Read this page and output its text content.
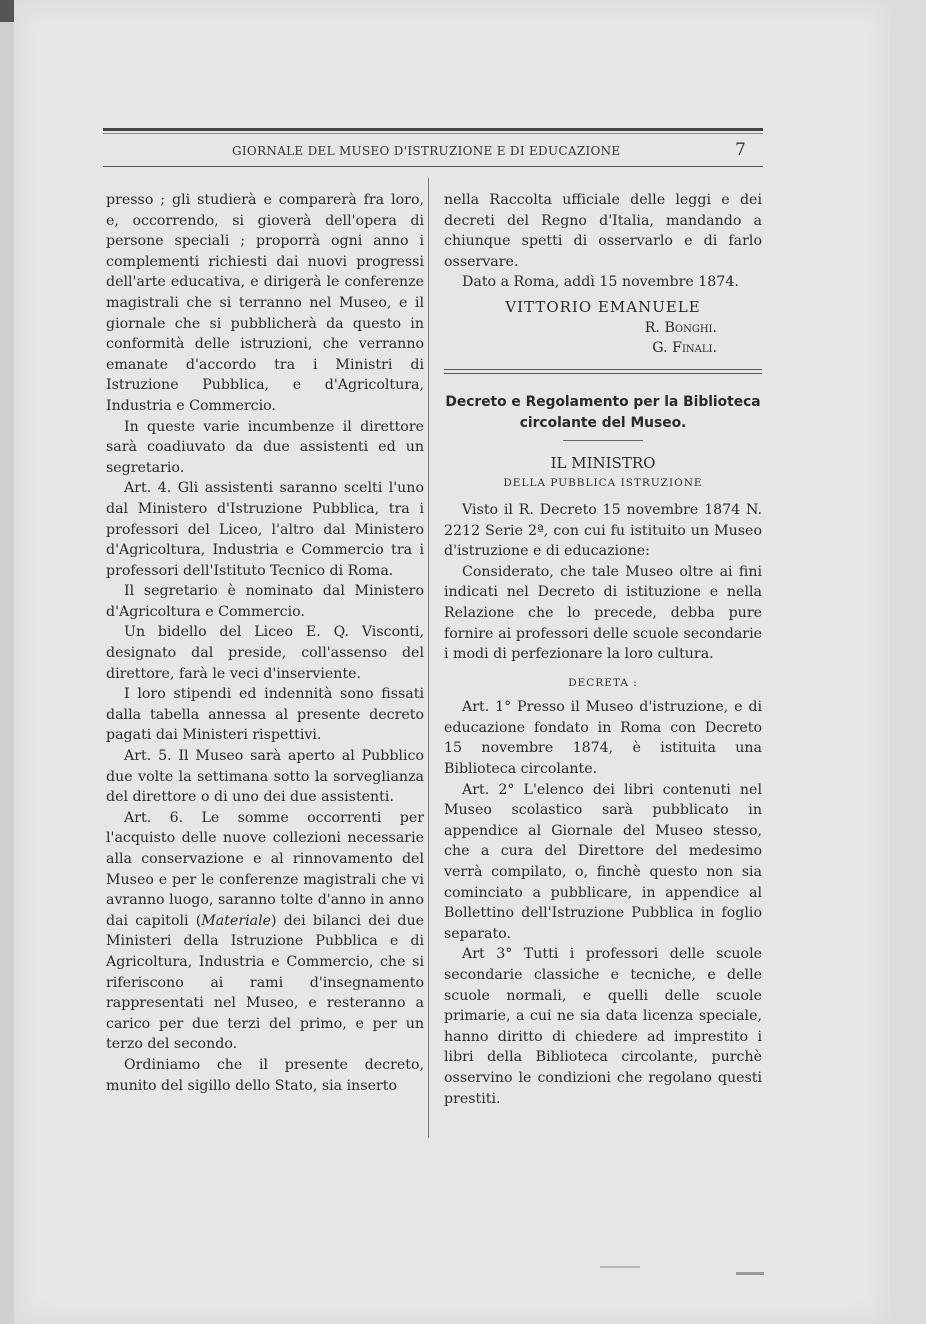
GIORNALE DEL MUSEO D'ISTRUZIONE E DI EDUCAZIONE	7

presso ; gli studierà e comparerà fra loro, e, occorrendo, si gioverà dell'opera di persone speciali ; proporrà ogni anno i complementi richiesti dai nuovi progressi dell'arte educativa, e dirigerà le conferenze magistrali che si terranno nel Museo, e il giornale che si pubblicherà da questo in conformità delle istruzioni, che verranno emanate d'accordo tra i Ministri di Istruzione Pubblica, e d'Agricoltura, Industria e Commercio.

In queste varie incumbenze il direttore sarà coadiuvato da due assistenti ed un segretario.

Art. 4. Gli assistenti saranno scelti l'uno dal Ministero d'Istruzione Pubblica, tra i professori del Liceo, l'altro dal Ministero d'Agricoltura, Industria e Commercio tra i professori dell'Istituto Tecnico di Roma.

Il segretario è nominato dal Ministero d'Agricoltura e Commercio.

Un bidello del Liceo E. Q. Visconti, designato dal preside, coll'assenso del direttore, farà le veci d'inserviente.

I loro stipendi ed indennità sono fissati dalla tabella annessa al presente decreto pagati dai Ministeri rispettivi.

Art. 5. Il Museo sarà aperto al Pubblico due volte la settimana sotto la sorveglianza del direttore o di uno dei due assistenti.

Art. 6. Le somme occorrenti per l'acquisto delle nuove collezioni necessarie alla conservazione e al rinnovamento del Museo e per le conferenze magistrali che vi avranno luogo, saranno tolte d'anno in anno dai capitoli (Materiale) dei bilanci dei due Ministeri della Istruzione Pubblica e di Agricoltura, Industria e Commercio, che si riferiscono ai rami d'insegnamento rappresentati nel Museo, e resteranno a carico per due terzi del primo, e per un terzo del secondo.

Ordiniamo che il presente decreto, munito del sigillo dello Stato, sia inserto

nella Raccolta ufficiale delle leggi e dei decreti del Regno d'Italia, mandando a chiunque spetti di osservarlo e di farlo osservare.

Dato a Roma, addì 15 novembre 1874.

VITTORIO EMANUELE

R. Bonghi.

G. Finali.

Decreto e Regolamento per la Biblioteca circolante del Museo.

IL MINISTRO

DELLA PUBBLICA ISTRUZIONE

Visto il R. Decreto 15 novembre 1874 N. 2212 Serie 2ª, con cui fu istituito un Museo d'istruzione e di educazione:

Considerato, che tale Museo oltre ai fini indicati nel Decreto di istituzione e nella Relazione che lo precede, debba pure fornire ai professori delle scuole secondarie i modi di perfezionare la loro cultura.

DECRETA :

Art. 1° Presso il Museo d'istruzione, e di educazione fondato in Roma con Decreto 15 novembre 1874, è istituita una Biblioteca circolante.

Art. 2° L'elenco dei libri contenuti nel Museo scolastico sarà pubblicato in appendice al Giornale del Museo stesso, che a cura del Direttore del medesimo verrà compilato, o, finchè questo non sia cominciato a pubblicare, in appendice al Bollettino dell'Istruzione Pubblica in foglio separato.

Art 3° Tutti i professori delle scuole secondarie classiche e tecniche, e delle scuole normali, e quelli delle scuole primarie, a cui ne sia data licenza speciale, hanno diritto di chiedere ad imprestito i libri della Biblioteca circolante, purchè osservino le condizioni che regolano questi prestiti.
